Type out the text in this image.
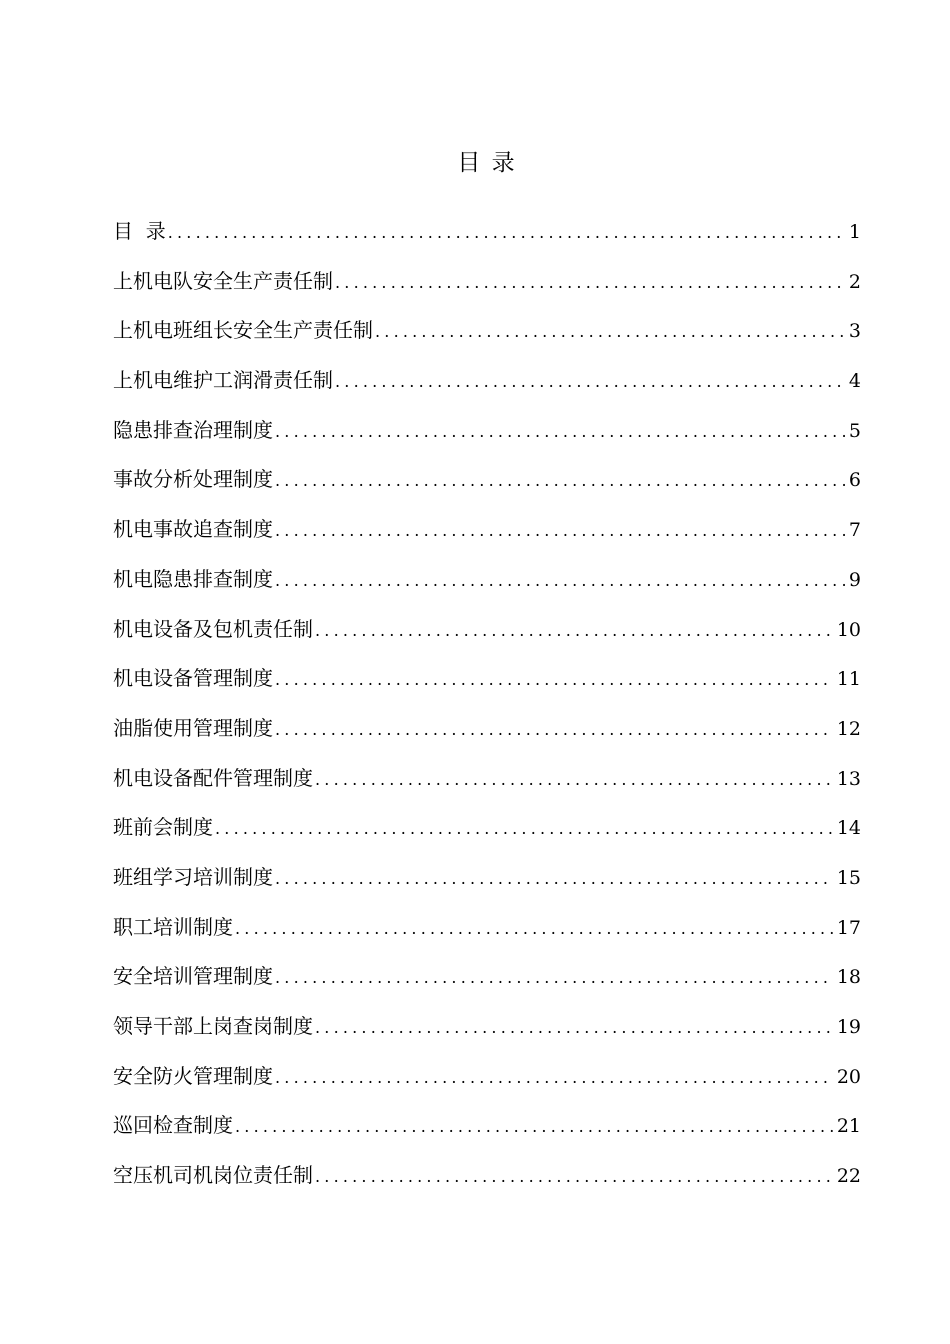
目 录
目  录 .....	1
上机电队安全生产责任制 .....	2
上机电班组长安全生产责任制 .....	3
上机电维护工润滑责任制 .....	4
隐患排查治理制度 .....	5
事故分析处理制度 .....	6
机电事故追查制度 .....	7
机电隐患排查制度 .....	9
机电设备及包机责任制 .....	10
机电设备管理制度 .....	11
油脂使用管理制度 .....	12
机电设备配件管理制度 .....	13
班前会制度 .....	14
班组学习培训制度 .....	15
职工培训制度 .....	17
安全培训管理制度 .....	18
领导干部上岗查岗制度 .....	19
安全防火管理制度 .....	20
巡回检查制度 .....	21
空压机司机岗位责任制 .....	22
